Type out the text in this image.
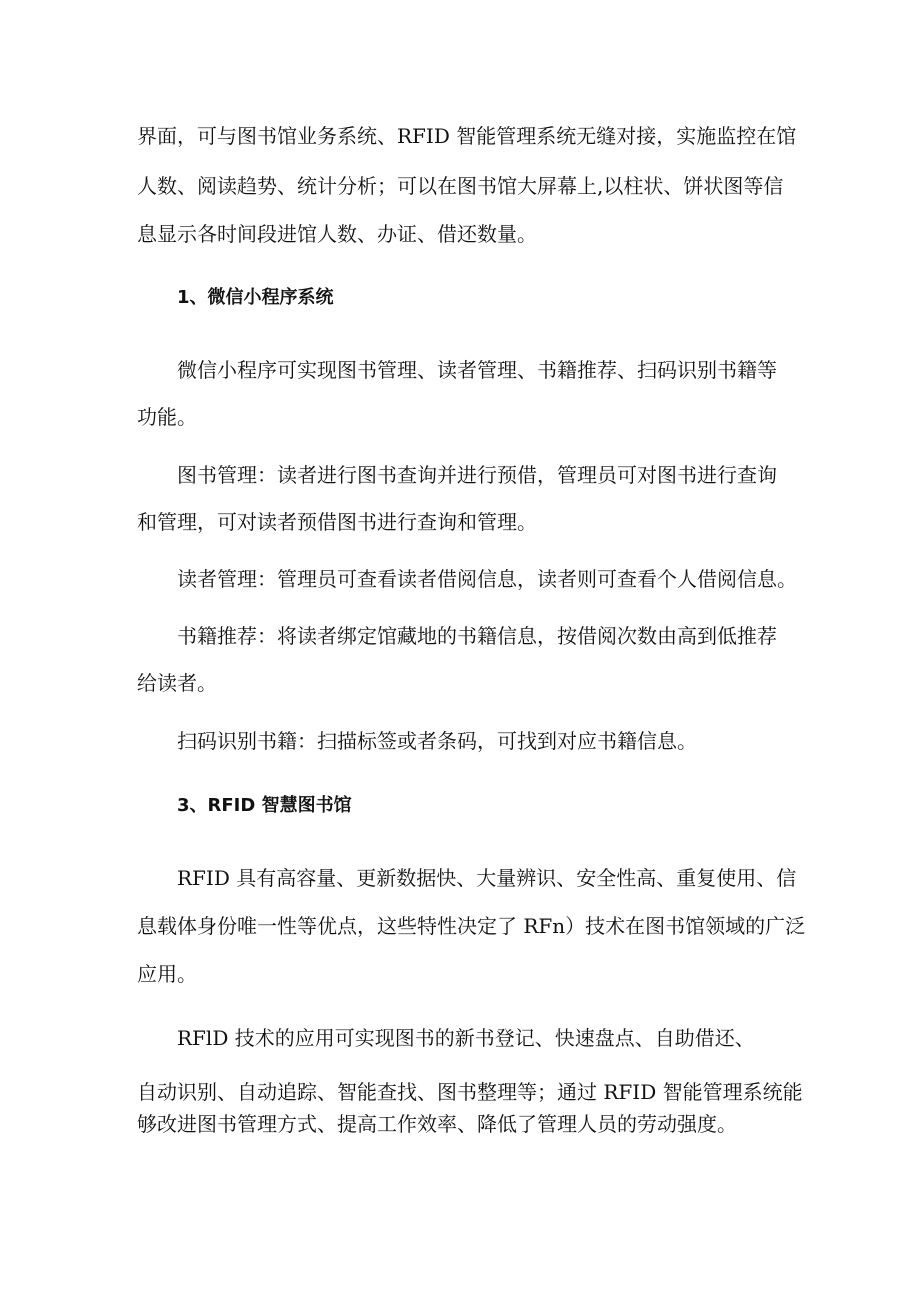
界面，可与图书馆业务系统、RFID 智能管理系统无缝对接，实施监控在馆
人数、阅读趋势、统计分析；可以在图书馆大屏幕上,以柱状、饼状图等信
息显示各时间段进馆人数、办证、借还数量。
1、微信小程序系统
微信小程序可实现图书管理、读者管理、书籍推荐、扫码识别书籍等
功能。
图书管理：读者进行图书查询并进行预借，管理员可对图书进行查询
和管理，可对读者预借图书进行查询和管理。
读者管理：管理员可查看读者借阅信息，读者则可查看个人借阅信息。
书籍推荐：将读者绑定馆藏地的书籍信息，按借阅次数由高到低推荐
给读者。
扫码识别书籍：扫描标签或者条码，可找到对应书籍信息。
3、RFID 智慧图书馆
RFID 具有高容量、更新数据快、大量辨识、安全性高、重复使用、信
息载体身份唯一性等优点，这些特性决定了 RFn）技术在图书馆领域的广泛
应用。
RFlD 技术的应用可实现图书的新书登记、快速盘点、自助借还、
自动识别、自动追踪、智能查找、图书整理等；通过 RFID 智能管理系统能
够改进图书管理方式、提高工作效率、降低了管理人员的劳动强度。
